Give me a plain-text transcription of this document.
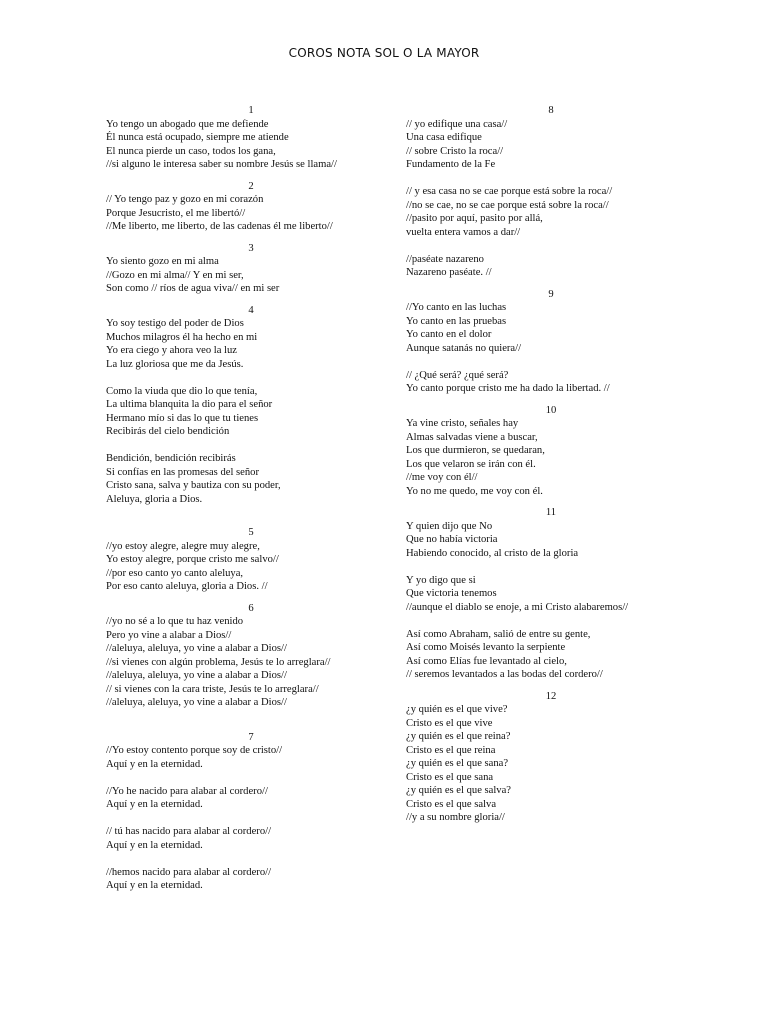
COROS NOTA SOL O LA MAYOR
1
Yo tengo un abogado que me defiende
Él nunca está ocupado, siempre me atiende
El nunca pierde un caso, todos los gana,
//si alguno le interesa saber su nombre Jesús se llama//
2
// Yo tengo paz y gozo en mi corazón
Porque Jesucristo, el me libertó//
//Me liberto, me liberto, de las cadenas él me liberto//
3
Yo siento gozo en mi alma
//Gozo en mi alma// Y en mi ser,
Son como // ríos de agua viva// en mi ser
4
Yo soy testigo del poder de Dios
Muchos milagros él ha hecho en mi
Yo era ciego y ahora veo la luz
La luz gloriosa que me da Jesús.
Como la viuda que dio lo que tenía,
La ultima blanquita la dio para el señor
Hermano mío si das lo que tu tienes
Recibirás del cielo bendición
Bendición, bendición recibirás
Si confías en las promesas del señor
Cristo sana, salva y bautiza con su poder,
Aleluya, gloria a Dios.
5
//yo estoy alegre, alegre muy alegre,
Yo estoy alegre, porque cristo me salvo//
//por eso canto yo canto aleluya,
Por eso canto aleluya, gloria a Dios. //
6
//yo no sé a lo que tu haz venido
Pero yo vine a alabar a Dios//
//aleluya, aleluya, yo vine a alabar a Dios//
//si vienes con algún problema, Jesús te lo arreglara//
//aleluya, aleluya, yo vine a alabar a Dios//
// si vienes con la cara triste, Jesús te lo arreglara//
//aleluya, aleluya, yo vine a alabar a Dios//
7
//Yo estoy contento porque soy de cristo//
Aquí y en la eternidad.
//Yo he nacido para alabar al cordero//
Aquí y en la eternidad.
// tú has nacido para alabar al cordero//
Aquí y en la eternidad.
//hemos nacido para alabar al cordero//
Aquí y en la eternidad.
8
// yo edifique una casa//
Una casa edifique
// sobre Cristo la roca//
Fundamento de la Fe
// y esa casa no se cae porque está sobre la roca//
//no se cae, no se cae porque está sobre la roca//
//pasito por aquí, pasito por allá,
vuelta entera vamos a dar//
//paséate nazareno
Nazareno paséate. //
9
//Yo canto en las luchas
Yo canto en las pruebas
Yo canto en el dolor
Aunque satanás no quiera//
// ¿Qué será? ¿qué será?
Yo canto porque cristo me ha dado la libertad. //
10
Ya vine cristo, señales hay
Almas salvadas viene a buscar,
Los que durmieron, se quedaran,
Los que velaron se irán con él.
//me voy con él//
Yo no me quedo, me voy con él.
11
Y quien dijo que No
Que no había victoria
Habiendo conocido, al cristo de la gloria
Y yo digo que si
Que victoria tenemos
//aunque el diablo se enoje, a mi Cristo alabaremos//
Así como Abraham, salió de entre su gente,
Así como Moisés levanto la serpiente
Así como Elías fue levantado al cielo,
// seremos levantados a las bodas del cordero//
12
¿y quién es el que vive?
Cristo es el que vive
¿y quién es el que reina?
Cristo es el que reina
¿y quién es el que sana?
Cristo es el que sana
¿y quién es el que salva?
Cristo es el que salva
//y a su nombre gloria//
